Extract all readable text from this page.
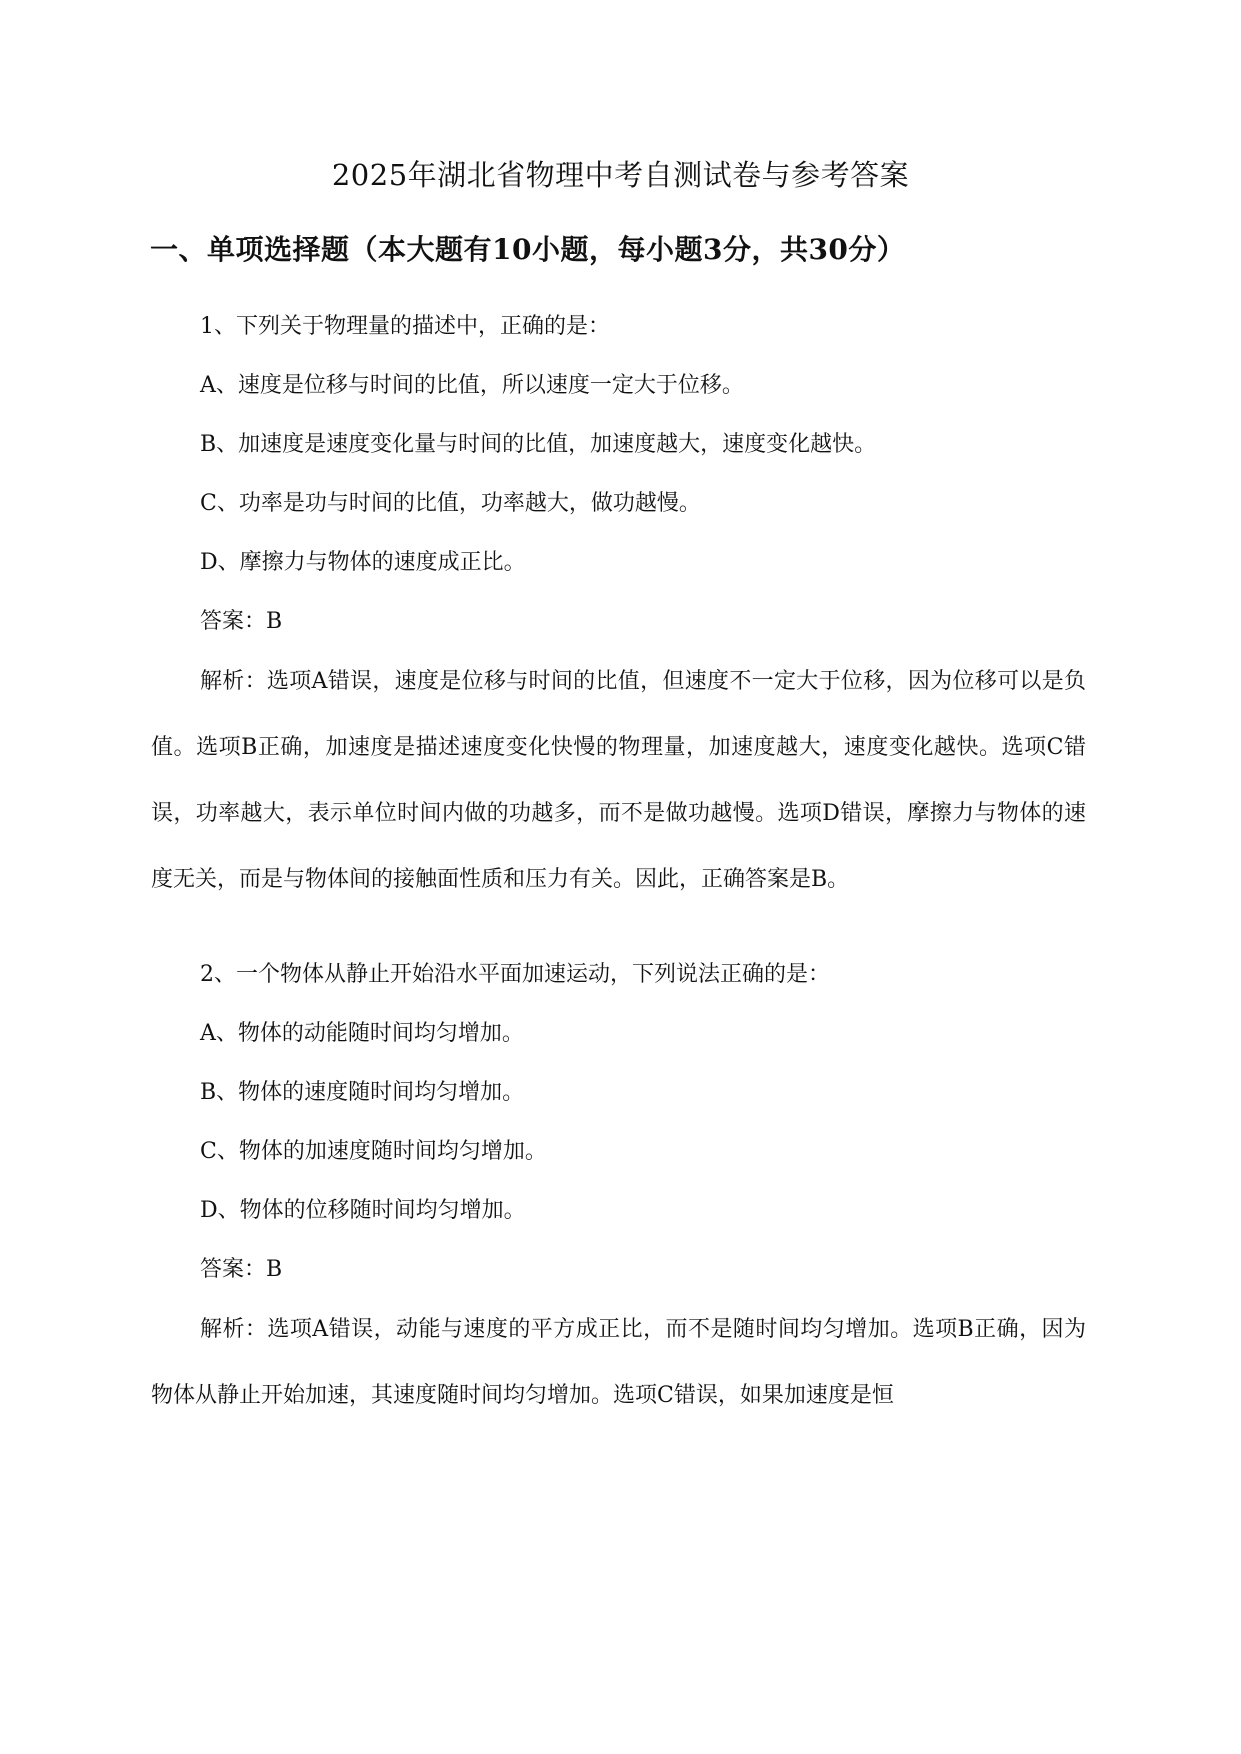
2025年湖北省物理中考自测试卷与参考答案
一、单项选择题（本大题有10小题，每小题3分，共30分）
1、下列关于物理量的描述中，正确的是：
A、速度是位移与时间的比值，所以速度一定大于位移。
B、加速度是速度变化量与时间的比值，加速度越大，速度变化越快。
C、功率是功与时间的比值，功率越大，做功越慢。
D、摩擦力与物体的速度成正比。
答案：B
解析：选项A错误，速度是位移与时间的比值，但速度不一定大于位移，因为位移可以是负值。选项B正确，加速度是描述速度变化快慢的物理量，加速度越大，速度变化越快。选项C错误，功率越大，表示单位时间内做的功越多，而不是做功越慢。选项D错误，摩擦力与物体的速度无关，而是与物体间的接触面性质和压力有关。因此，正确答案是B。
2、一个物体从静止开始沿水平面加速运动，下列说法正确的是：
A、物体的动能随时间均匀增加。
B、物体的速度随时间均匀增加。
C、物体的加速度随时间均匀增加。
D、物体的位移随时间均匀增加。
答案：B
解析：选项A错误，动能与速度的平方成正比，而不是随时间均匀增加。选项B正确，因为物体从静止开始加速，其速度随时间均匀增加。选项C错误，如果加速度是恒
